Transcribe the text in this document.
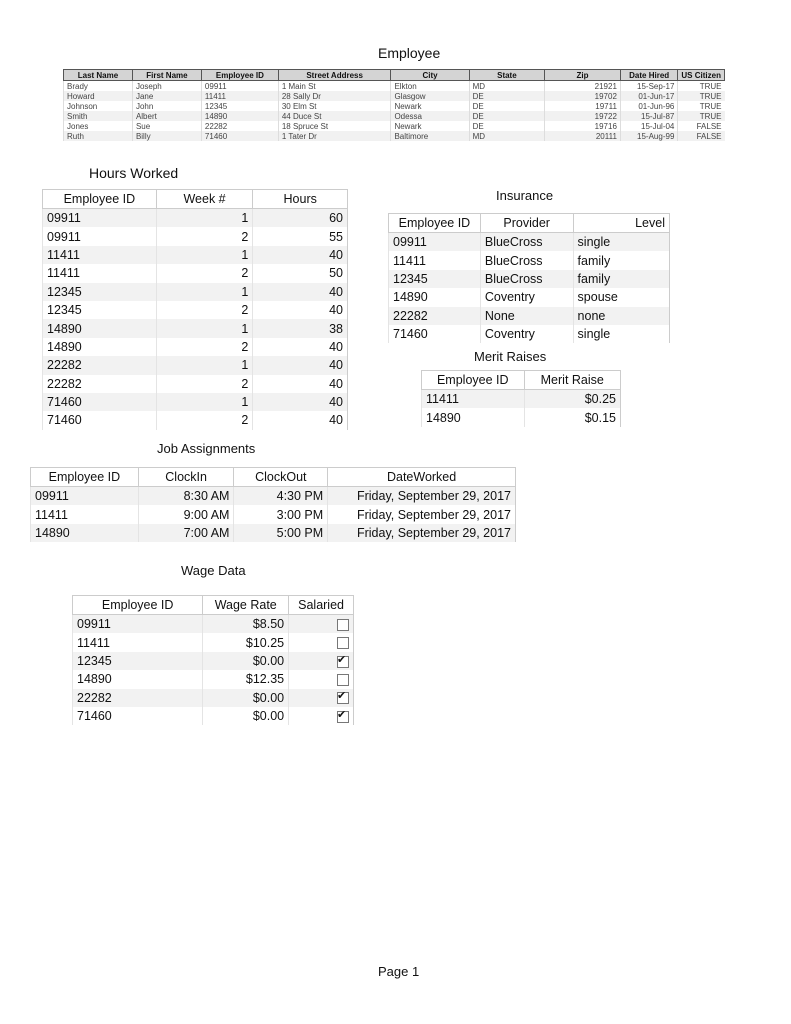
Employee
Last Name	First Name	Employee ID	Street Address	City	State	Zip	Date Hired	US Citizen
Brady	Joseph	09911	1 Main St	Elkton	MD	21921	15-Sep-17	TRUE
Howard	Jane	11411	28 Sally Dr	Glasgow	DE	19702	01-Jun-17	TRUE
Johnson	John	12345	30 Elm St	Newark	DE	19711	01-Jun-96	TRUE
Smith	Albert	14890	44 Duce St	Odessa	DE	19722	15-Jul-87	TRUE
Jones	Sue	22282	18 Spruce St	Newark	DE	19716	15-Jul-04	FALSE
Ruth	Billy	71460	1 Tater Dr	Baltimore	MD	20111	15-Aug-99	FALSE
Hours Worked
Employee ID	Week #	Hours
09911	1	60
09911	2	55
11411	1	40
11411	2	50
12345	1	40
12345	2	40
14890	1	38
14890	2	40
22282	1	40
22282	2	40
71460	1	40
71460	2	40
Insurance
Employee ID	Provider	Level
09911	BlueCross	single
11411	BlueCross	family
12345	BlueCross	family
14890	Coventry	spouse
22282	None	none
71460	Coventry	single
Merit Raises
Employee ID	Merit Raise
11411	$0.25
14890	$0.15
Job Assignments
Employee ID	ClockIn	ClockOut	DateWorked
09911	8:30 AM	4:30 PM	Friday, September 29, 2017
11411	9:00 AM	3:00 PM	Friday, September 29, 2017
14890	7:00 AM	5:00 PM	Friday, September 29, 2017
Wage Data
Employee ID	Wage Rate	Salaried
09911	$8.50	
11411	$10.25	
12345	$0.00	✔
14890	$12.35	
22282	$0.00	✔
71460	$0.00	✔
Page 1
